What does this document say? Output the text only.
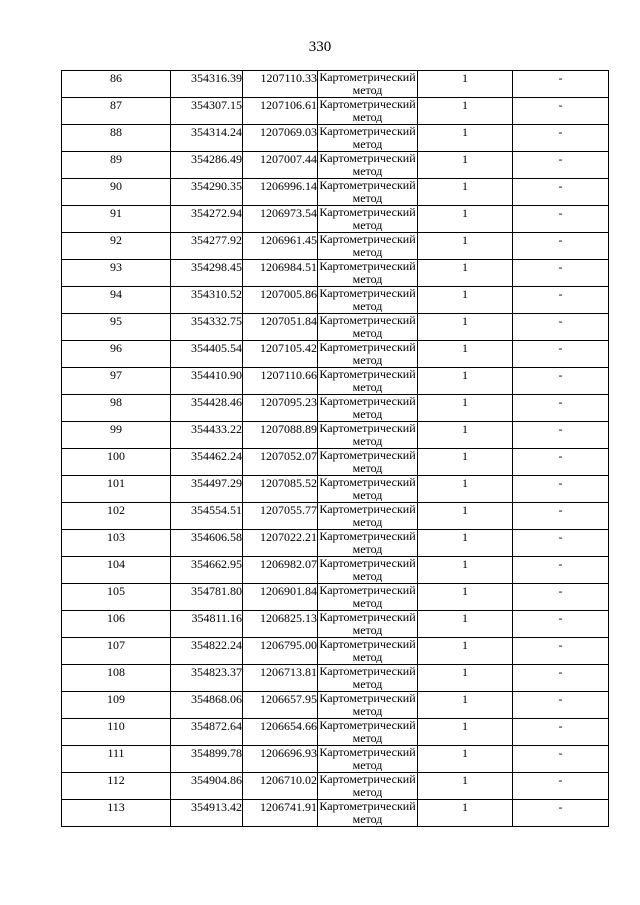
330
86	354316.39	1207110.33	Картометрический метод	1	-
87	354307.15	1207106.61	Картометрический метод	1	-
88	354314.24	1207069.03	Картометрический метод	1	-
89	354286.49	1207007.44	Картометрический метод	1	-
90	354290.35	1206996.14	Картометрический метод	1	-
91	354272.94	1206973.54	Картометрический метод	1	-
92	354277.92	1206961.45	Картометрический метод	1	-
93	354298.45	1206984.51	Картометрический метод	1	-
94	354310.52	1207005.86	Картометрический метод	1	-
95	354332.75	1207051.84	Картометрический метод	1	-
96	354405.54	1207105.42	Картометрический метод	1	-
97	354410.90	1207110.66	Картометрический метод	1	-
98	354428.46	1207095.23	Картометрический метод	1	-
99	354433.22	1207088.89	Картометрический метод	1	-
100	354462.24	1207052.07	Картометрический метод	1	-
101	354497.29	1207085.52	Картометрический метод	1	-
102	354554.51	1207055.77	Картометрический метод	1	-
103	354606.58	1207022.21	Картометрический метод	1	-
104	354662.95	1206982.07	Картометрический метод	1	-
105	354781.80	1206901.84	Картометрический метод	1	-
106	354811.16	1206825.13	Картометрический метод	1	-
107	354822.24	1206795.00	Картометрический метод	1	-
108	354823.37	1206713.81	Картометрический метод	1	-
109	354868.06	1206657.95	Картометрический метод	1	-
110	354872.64	1206654.66	Картометрический метод	1	-
111	354899.78	1206696.93	Картометрический метод	1	-
112	354904.86	1206710.02	Картометрический метод	1	-
113	354913.42	1206741.91	Картометрический метод	1	-
